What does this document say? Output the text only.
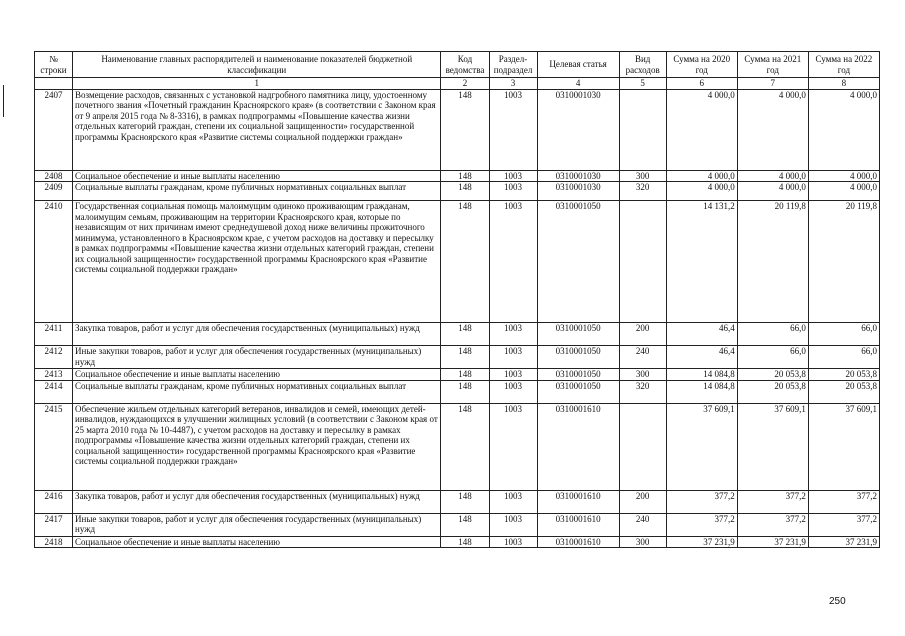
№ строки	Наименование главных распорядителей и наименование показателей бюджетной классификации	Код ведомства	Раздел-подраздел	Целевая статья	Вид расходов	Сумма на 2020 год	Сумма на 2021 год	Сумма на 2022 год
	1	2	3	4	5	6	7	8
2407	Возмещение расходов, связанных с установкой надгробного памятника лицу, удостоенному почетного звания «Почетный гражданин Красноярского края» (в соответствии с Законом края от 9 апреля 2015 года № 8-3316), в рамках подпрограммы «Повышение качества жизни отдельных категорий граждан, степени их социальной защищенности» государственной программы Красноярского края «Развитие системы социальной поддержки граждан»	148	1003	0310001030		4 000,0	4 000,0	4 000,0
2408	Социальное обеспечение и иные выплаты населению	148	1003	0310001030	300	4 000,0	4 000,0	4 000,0
2409	Социальные выплаты гражданам, кроме публичных нормативных социальных выплат	148	1003	0310001030	320	4 000,0	4 000,0	4 000,0
2410	Государственная социальная помощь малоимущим одиноко проживающим гражданам, малоимущим семьям, проживающим на территории Красноярского края, которые по независящим от них причинам имеют среднедушевой доход ниже величины прожиточного минимума, установленного в Красноярском крае, с учетом расходов на доставку и пересылку в рамках подпрограммы «Повышение качества жизни отдельных категорий граждан, степени их социальной защищенности» государственной программы Красноярского края «Развитие системы социальной поддержки граждан»	148	1003	0310001050		14 131,2	20 119,8	20 119,8
2411	Закупка товаров, работ и услуг для обеспечения государственных (муниципальных) нужд	148	1003	0310001050	200	46,4	66,0	66,0
2412	Иные закупки товаров, работ и услуг для обеспечения государственных (муниципальных) нужд	148	1003	0310001050	240	46,4	66,0	66,0
2413	Социальное обеспечение и иные выплаты населению	148	1003	0310001050	300	14 084,8	20 053,8	20 053,8
2414	Социальные выплаты гражданам, кроме публичных нормативных социальных выплат	148	1003	0310001050	320	14 084,8	20 053,8	20 053,8
2415	Обеспечение жильем отдельных категорий ветеранов, инвалидов и семей, имеющих детей-инвалидов, нуждающихся в улучшении жилищных условий (в соответствии с Законом края от 25 марта 2010 года № 10-4487), с учетом расходов на доставку и пересылку в рамках подпрограммы «Повышение качества жизни отдельных категорий граждан, степени их социальной защищенности» государственной программы Красноярского края «Развитие системы социальной поддержки граждан»	148	1003	0310001610		37 609,1	37 609,1	37 609,1
2416	Закупка товаров, работ и услуг для обеспечения государственных (муниципальных) нужд	148	1003	0310001610	200	377,2	377,2	377,2
2417	Иные закупки товаров, работ и услуг для обеспечения государственных (муниципальных) нужд	148	1003	0310001610	240	377,2	377,2	377,2
2418	Социальное обеспечение и иные выплаты населению	148	1003	0310001610	300	37 231,9	37 231,9	37 231,9
250
